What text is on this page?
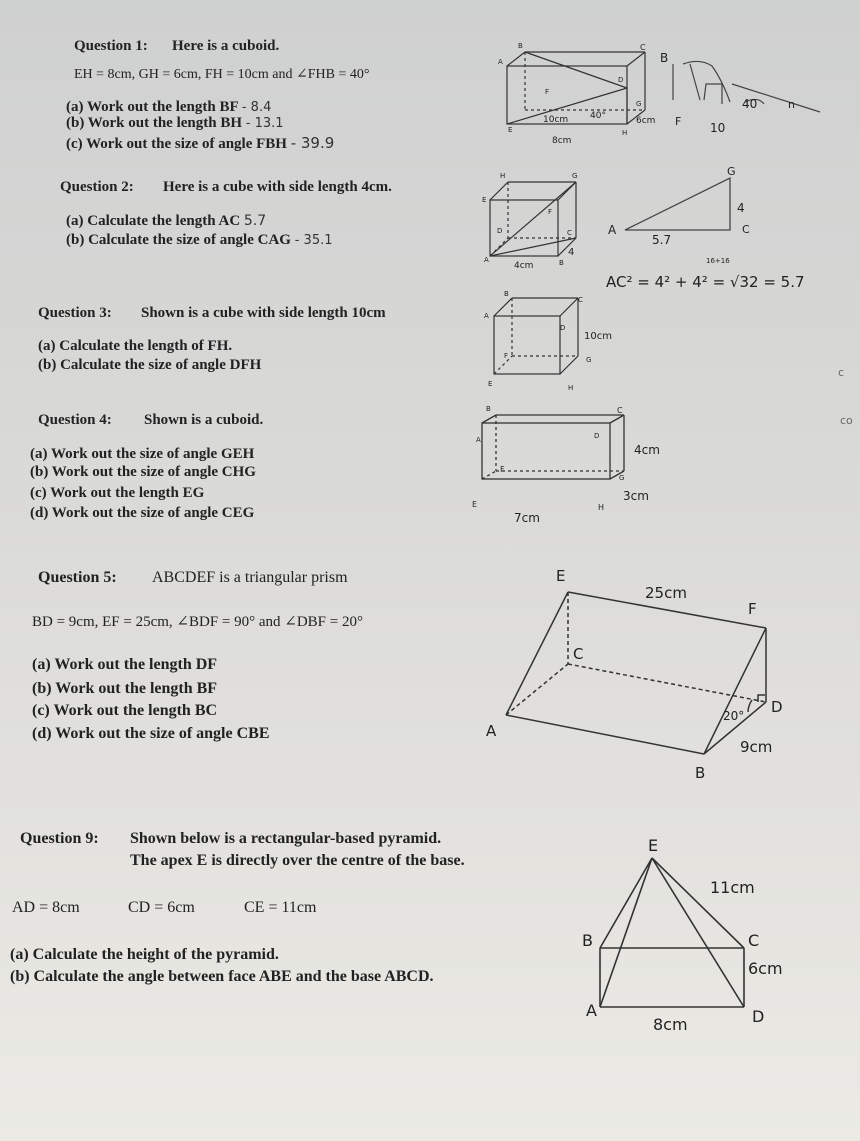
Question 1: Here is a cuboid.
EH = 8cm, GH = 6cm, FH = 10cm and ∠FHB = 40°
(a) Work out the length BF - 8.4
(b) Work out the length BH - 13.1
(c) Work out the size of angle FBH - 39.9
B	C
A
D
F
G
E	H
10cm 40°	6cm
8cm
B
40	n
F 10
Question 2: Here is a cube with side length 4cm.
(a) Calculate the length AC 5.7
(b) Calculate the size of angle CAG - 35.1
H	G
E
F
D	C
A	B
4cm
4
G
A	C
4
5.7
16+16
AC² = 4² + 4² = √32 = 5.7
Question 3: Shown is a cube with side length 10cm
(a) Calculate the length of FH.
(b) Calculate the size of angle DFH
B
C
A
D
10cm
F	G
E	H
Question 4: Shown is a cuboid.
(a) Work out the size of angle GEH
(b) Work out the size of angle CHG
(c) Work out the length EG
(d) Work out the size of angle CEG
B	C
A	D
4cm
F
G
3cm
E	H
7cm
Question 5: ABCDEF is a triangular prism
BD = 9cm, EF = 25cm, ∠BDF = 90° and ∠DBF = 20°
(a) Work out the length DF
(b) Work out the length BF
(c) Work out the length BC
(d) Work out the size of angle CBE
E
25cm
F
C
20° D
A
9cm
B
Question 9: Shown below is a rectangular-based pyramid.
The apex E is directly over the centre of the base.
AD = 8cm	CD = 6cm	CE = 11cm
(a) Calculate the height of the pyramid.
(b) Calculate the angle between face ABE and the base ABCD.
E
11cm
B	C
6cm
A	D
8cm
c
co
